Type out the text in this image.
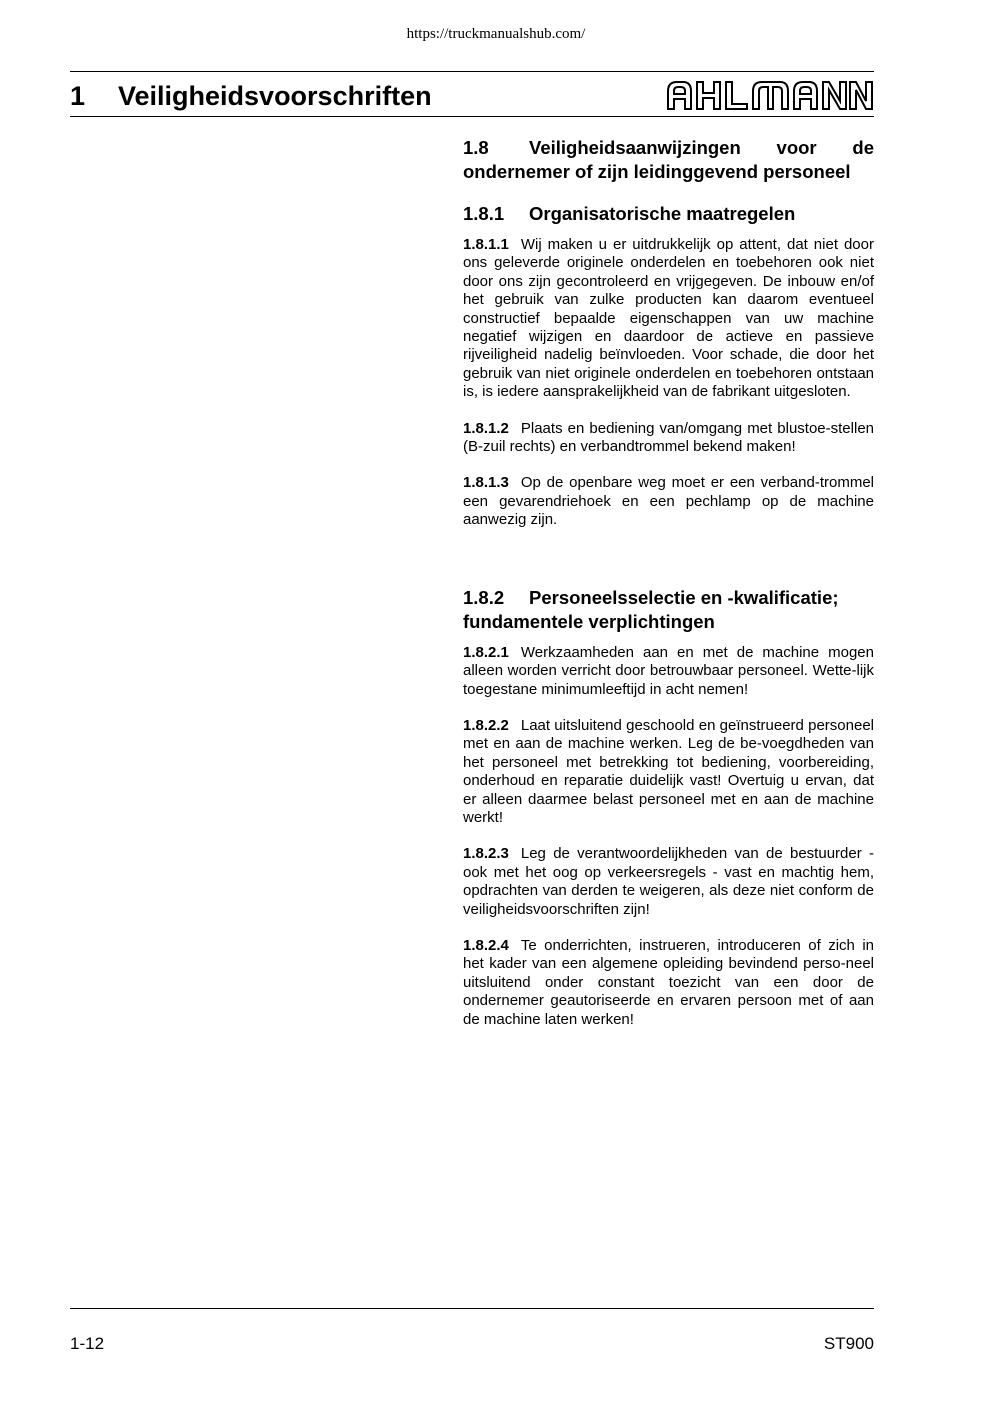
https://truckmanualshub.com/
1 Veiligheidsvoorschriften
1.8 Veiligheidsaanwijzingen voor de ondernemer of zijn leidinggevend personeel
1.8.1 Organisatorische maatregelen
1.8.1.1 Wij maken u er uitdrukkelijk op attent, dat niet door ons geleverde originele onderdelen en toebehoren ook niet door ons zijn gecontroleerd en vrijgegeven. De inbouw en/of het gebruik van zulke producten kan daarom eventueel constructief bepaalde eigenschappen van uw machine negatief wijzigen en daardoor de actieve en passieve rijveiligheid nadelig beïnvloeden. Voor schade, die door het gebruik van niet originele onderdelen en toebehoren ontstaan is, is iedere aansprakelijkheid van de fabrikant uitgesloten.
1.8.1.2 Plaats en bediening van/omgang met blustoe-stellen (B-zuil rechts) en verbandtrommel bekend maken!
1.8.1.3 Op de openbare weg moet er een verband-trommel een gevarendriehoek en een pechlamp op de machine aanwezig zijn.
1.8.2 Personeelsselectie en -kwalificatie; fundamentele verplichtingen
1.8.2.1 Werkzaamheden aan en met de machine mogen alleen worden verricht door betrouwbaar personeel. Wette-lijk toegestane minimumleeftijd in acht nemen!
1.8.2.2 Laat uitsluitend geschoold en geïnstrueerd personeel met en aan de machine werken. Leg de be-voegdheden van het personeel met betrekking tot bediening, voorbereiding, onderhoud en reparatie duidelijk vast! Overtuig u ervan, dat er alleen daarmee belast personeel met en aan de machine werkt!
1.8.2.3 Leg de verantwoordelijkheden van de bestuurder - ook met het oog op verkeersregels - vast en machtig hem, opdrachten van derden te weigeren, als deze niet conform de veiligheidsvoorschriften zijn!
1.8.2.4 Te onderrichten, instrueren, introduceren of zich in het kader van een algemene opleiding bevindend perso-neel uitsluitend onder constant toezicht van een door de ondernemer geautoriseerde en ervaren persoon met of aan de machine laten werken!
1-12	ST900
